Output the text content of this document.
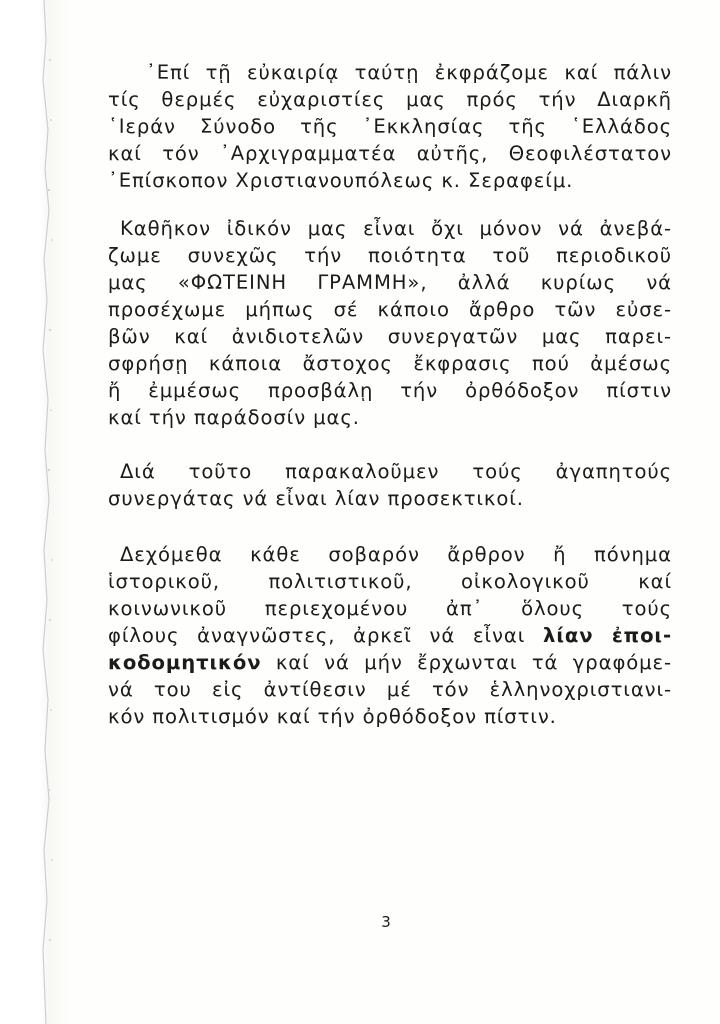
᾿Επί τῇ εὐκαιρίᾳ ταύτῃ ἐκφράζομε καί πάλιν
τίς θερμές εὐχαριστίες μας πρός τήν Διαρκῆ
῾Ιεράν Σύνοδο τῆς ᾿Εκκλησίας τῆς ῾Ελλάδος
καί τόν ᾿Αρχιγραμματέα αὐτῆς, Θεοφιλέστατον
᾿Επίσκοπον Χριστιανουπόλεως κ. Σεραφείμ.
Καθῆκον ἰδικόν μας εἶναι ὄχι μόνον νά ἀνεβά-
ζωμε συνεχῶς τήν ποιότητα τοῦ περιοδικοῦ
μας «ΦΩΤΕΙΝΗ ΓΡΑΜΜΗ», ἀλλά κυρίως νά
προσέχωμε μήπως σέ κάποιο ἄρθρο τῶν εὐσε-
βῶν καί ἀνιδιοτελῶν συνεργατῶν μας παρει-
σφρήσῃ κάποια ἄστοχος ἔκφρασις πού ἀμέσως
ἤ ἐμμέσως προσβάλῃ τήν ὀρθόδοξον πίστιν
καί τήν παράδοσίν μας.
Διά τοῦτο παρακαλοῦμεν τούς ἀγαπητούς
συνεργάτας νά εἶναι λίαν προσεκτικοί.
Δεχόμεθα κάθε σοβαρόν ἄρθρον ἤ πόνημα
ἱστορικοῦ, πολιτιστικοῦ, οἰκολογικοῦ καί
κοινωνικοῦ περιεχομένου ἀπ᾿ ὅλους τούς
φίλους ἀναγνῶστες, ἀρκεῖ νά εἶναι λίαν ἐποι-
κοδομητικόν καί νά μήν ἔρχωνται τά γραφόμε-
νά του εἰς ἀντίθεσιν μέ τόν ἑλληνοχριστιανι-
κόν πολιτισμόν καί τήν ὀρθόδοξον πίστιν.
3
